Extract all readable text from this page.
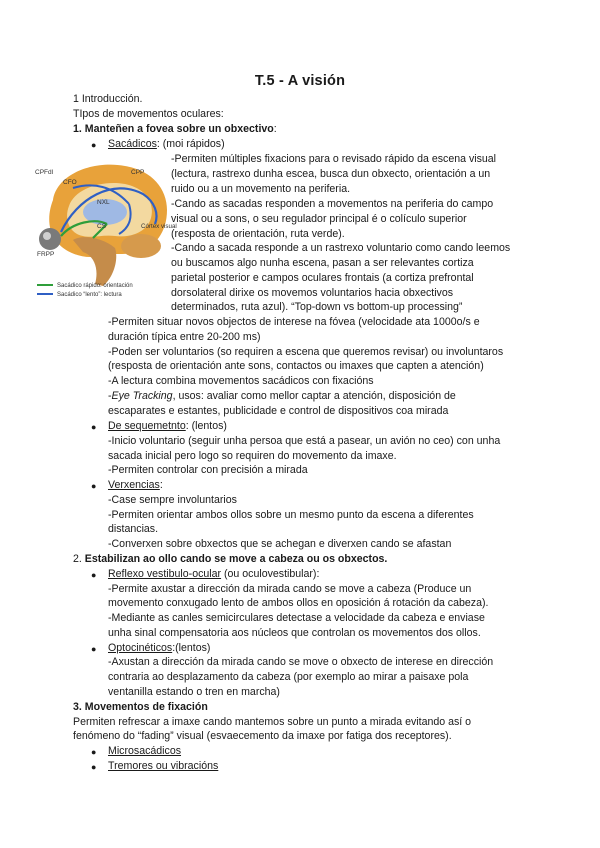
T.5 - A visión
1 Introducción.
TIpos de movementos oculares:
1. Mantеñen a fovea sobre un obxectivo:
● Sacádicos: (moi rápidos)
CPFdl
CFO
CPP
NXL
Córtex visual
CS
FRPP
Sacádico rápido: orientación
Sacádico “lento”: lectura
-Permiten múltiples fixacions para o revisado rápido da escena visual
(lectura, rastrexo dunha escea, busca dun obxecto, orientación a un
ruido ou a un movemento na periferia.
-Cando as sacadas responden a movementos na periferia do campo
visual ou a sons, o seu regulador principal é o colículo superior
(resposta de orientación, ruta verde).
-Cando a sacada responde a un rastrexo voluntario como cando leemos
ou buscamos algo nunha escena, pasan a ser relevantes cortiza
parietal posterior e campos oculares frontais (a cortiza prefrontal
dorsolateral dirixe os movemos voluntarios hacia obxectivos
determinados, ruta azul). “Top-down vs bottom-up processing”
-Permiten situar novos objectos de interese na fóvea (velocidade ata 1000o/s e
duración típica entre 20-200 ms)
-Poden ser voluntarios (so requiren a escena que queremos revisar) ou involuntaros
(resposta de orientación ante sons, contactos ou imaxes que capten a atención)
-A lectura combina movementos sacádicos con fixacións
-Eye Tracking, usos: avaliar como mellor captar a atención, disposición de
escaparates e estantes, publicidade e control de dispositivos coa mirada
● De sequemetnto: (lentos)
-Inicio voluntario (seguir unha persoa que está a pasear, un avión no ceo) con unha
sacada inicial pero logo so requiren do movemento da imaxe.
-Permiten controlar con precisión a mirada
● Verxencias:
-Case sempre involuntarios
-Permiten orientar ambos ollos sobre un mesmo punto da escena a diferentes
distancias.
-Converxen sobre obxectos que se achegan e diverxen cando se afastan
2. Estabilizan ao ollo cando se move a cabeza ou os obxectos.
● Reflexo vestibulo-ocular (ou oculovestibular):
-Permite axustar a dirección da mirada cando se move a cabeza (Produce un
movemento conxugado lento de ambos ollos en oposición á rotación da cabeza).
-Mediante as canles semicirculares detectase a velocidade da cabeza e enviase
unha sinal compensatoria aos núcleos que controlan os movementos dos ollos.
● Optocinéticos:(lentos)
-Axustan a dirección da mirada cando se move o obxecto de interese en dirección
contraria ao desplazamento da cabeza (por exemplo ao mirar a paisaxe pola
ventanilla estando o tren en marcha)
3. Movementos de fixación
Permiten refrescar a imaxe cando mantemos sobre un punto a mirada evitando así o
fenómeno do “fading” visual (esvaecemento da imaxe por fatiga dos receptores).
● Microsacádicos
● Tremores ou vibracións
